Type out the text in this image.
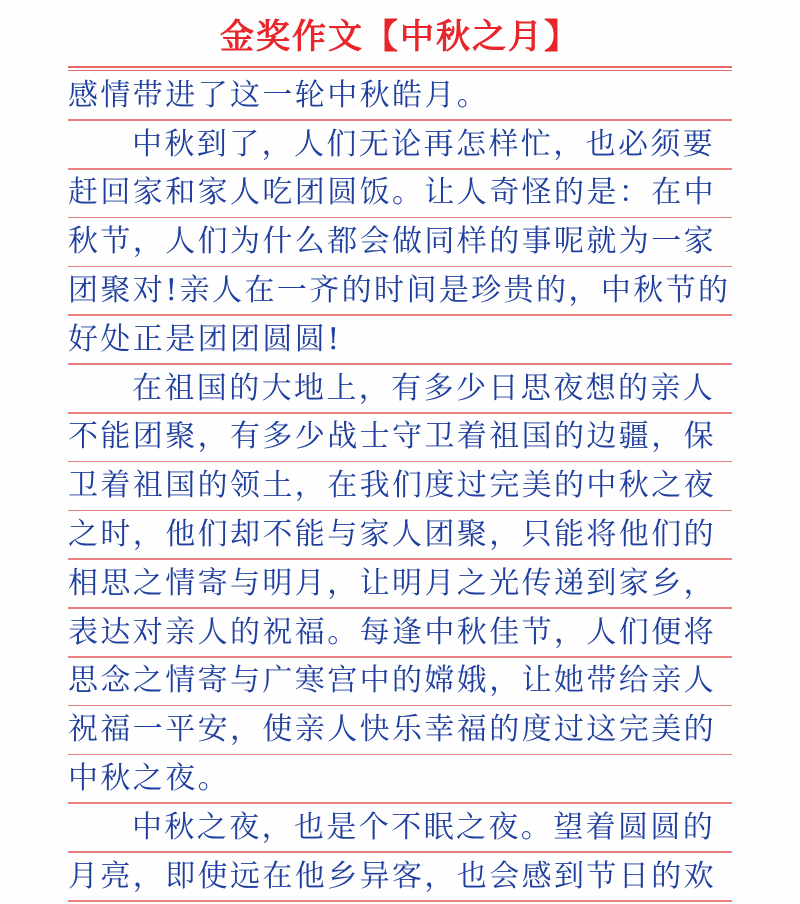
金奖作文【中秋之月】
感情带进了这一轮中秋皓月。
中秋到了，人们无论再怎样忙，也必须要
赶回家和家人吃团圆饭。让人奇怪的是：在中
秋节，人们为什么都会做同样的事呢就为一家
团聚对!亲人在一齐的时间是珍贵的，中秋节的
好处正是团团圆圆!
在祖国的大地上，有多少日思夜想的亲人
不能团聚，有多少战士守卫着祖国的边疆，保
卫着祖国的领土，在我们度过完美的中秋之夜
之时，他们却不能与家人团聚，只能将他们的
相思之情寄与明月，让明月之光传递到家乡，
表达对亲人的祝福。每逢中秋佳节，人们便将
思念之情寄与广寒宫中的嫦娥，让她带给亲人
祝福一平安，使亲人快乐幸福的度过这完美的
中秋之夜。
中秋之夜，也是个不眠之夜。望着圆圆的
月亮，即使远在他乡异客，也会感到节日的欢
